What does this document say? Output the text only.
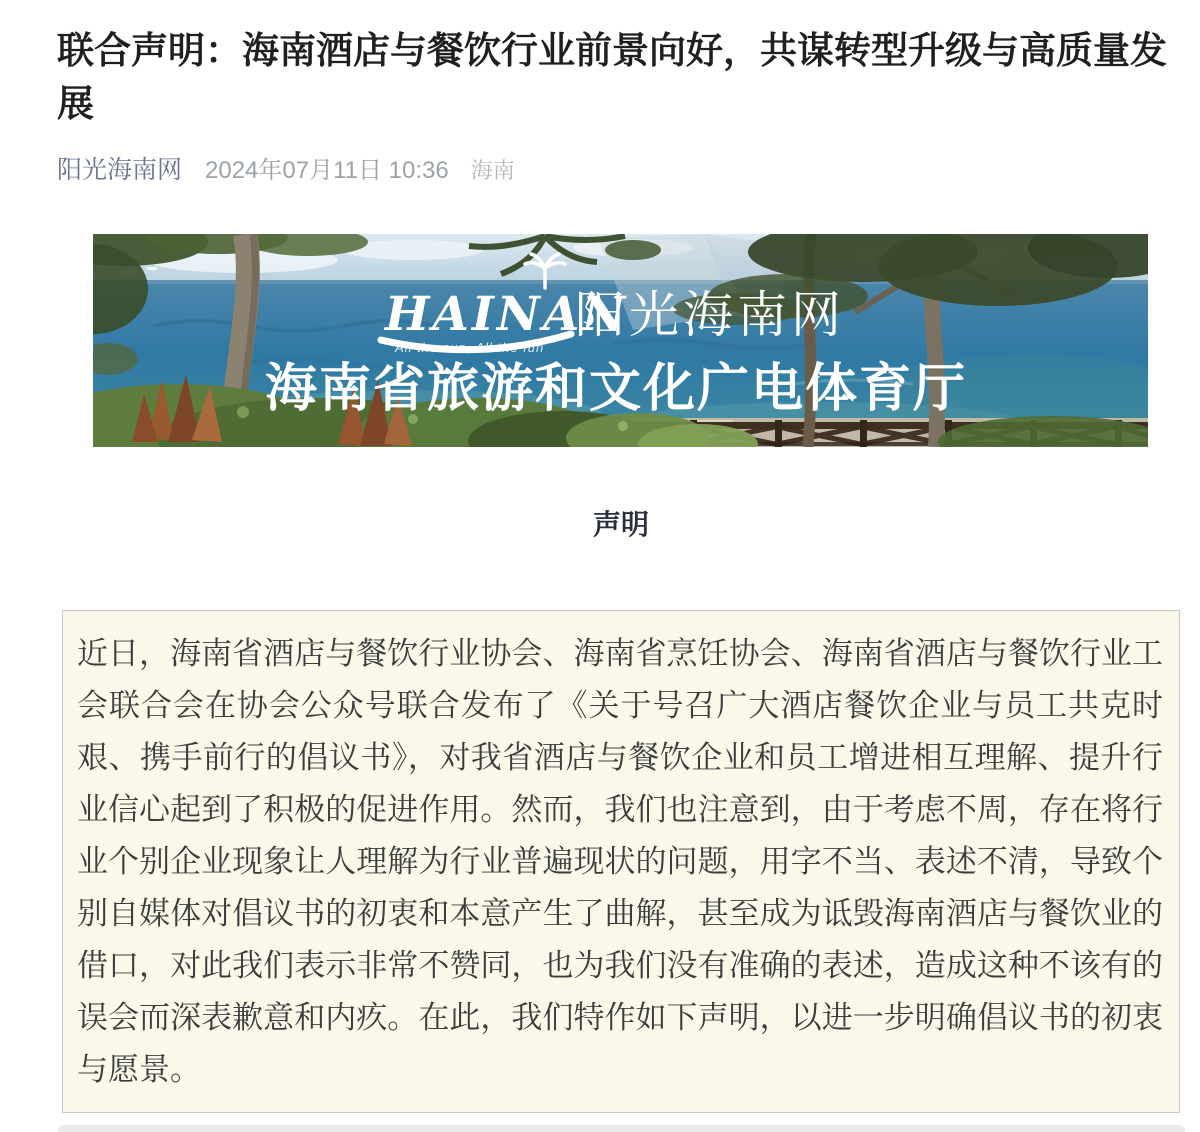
联合声明：海南酒店与餐饮行业前景向好，共谋转型升级与高质量发展
阳光海南网 2024年07月11日 10:36 海南
HAINAN
All the sun, All the fun
阳光海南网
海南省旅游和文化广电体育厅
声明

近日，海南省酒店与餐饮行业协会、海南省烹饪协会、海南省酒店与餐饮行业工会联合会在协会公众号联合发布了《关于号召广大酒店餐饮企业与员工共克时艰、携手前行的倡议书》，对我省酒店与餐饮企业和员工增进相互理解、提升行业信心起到了积极的促进作用。然而，我们也注意到，由于考虑不周，存在将行业个别企业现象让人理解为行业普遍现状的问题，用字不当、表述不清，导致个别自媒体对倡议书的初衷和本意产生了曲解，甚至成为诋毁海南酒店与餐饮业的借口，对此我们表示非常不赞同，也为我们没有准确的表述，造成这种不该有的误会而深表歉意和内疚。在此，我们特作如下声明，以进一步明确倡议书的初衷与愿景。
